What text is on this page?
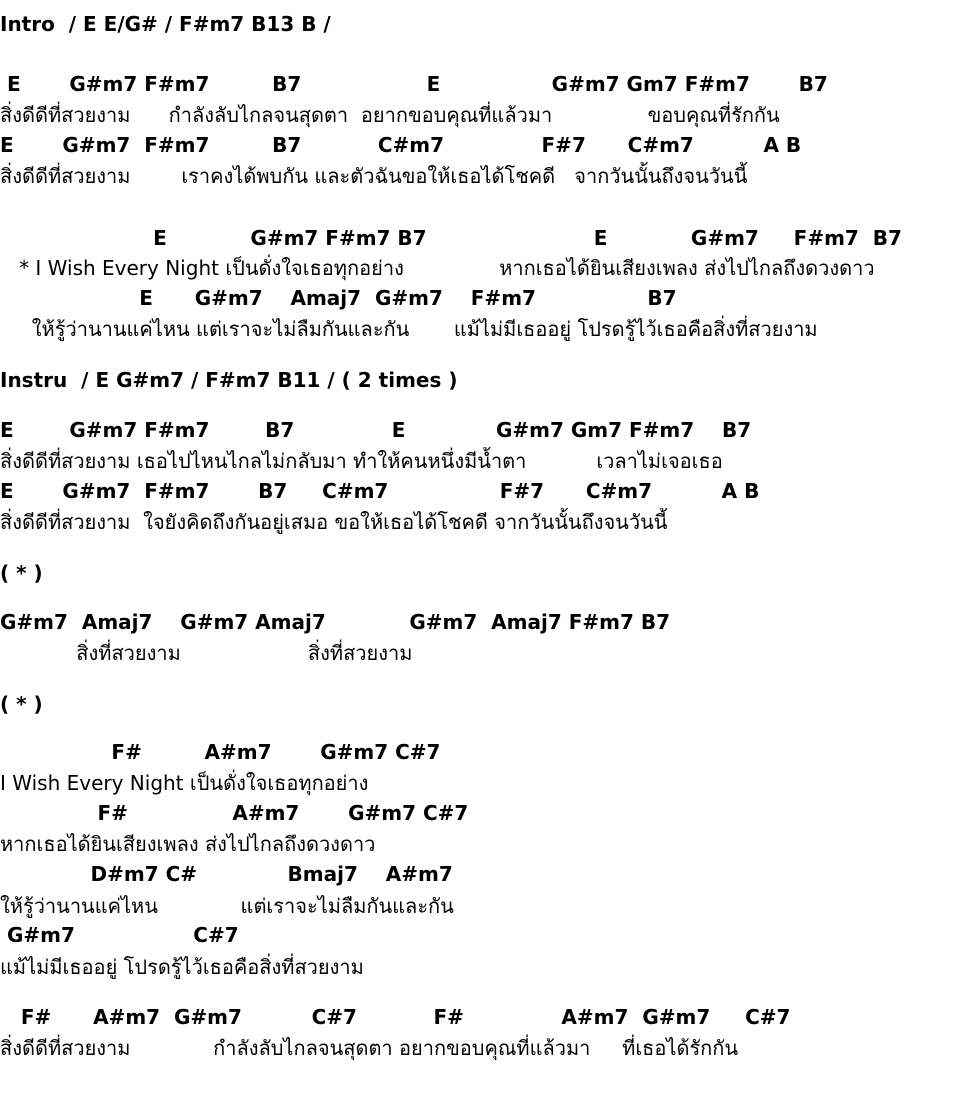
Intro  / E E/G# / F#m7 B13 B /
E       G#m7 F#m7         B7                  E                G#m7 Gm7 F#m7       B7
สิ่งดีดีที่สวยงาม      กำลังลับไกลจนสุดตา  อยากขอบคุณที่แล้วมา               ขอบคุณที่รักกัน
E       G#m7  F#m7         B7           C#m7              F#7      C#m7          A B
สิ่งดีดีที่สวยงาม        เราคงได้พบกัน และตัวฉันขอให้เธอได้โชคดี   จากวันนั้นถึงจนวันนี้
E            G#m7 F#m7 B7                        E            G#m7     F#m7  B7
* I Wish Every Night เป็นดั่งใจเธอทุกอย่าง               หากเธอได้ยินเสียงเพลง ส่งไปไกลถึงดวงดาว
E      G#m7    Amaj7  G#m7    F#m7                B7
ให้รู้ว่านานแค่ไหน แต่เราจะไม่ลืมกันและกัน       แม้ไม่มีเธออยู่ โปรดรู้ไว้เธอคือสิ่งที่สวยงาม
Instru  / E G#m7 / F#m7 B11 / ( 2 times )
E        G#m7 F#m7        B7              E             G#m7 Gm7 F#m7    B7
สิ่งดีดีที่สวยงาม เธอไปไหนไกลไม่กลับมา ทำให้คนหนึ่งมีน้ำตา           เวลาไม่เจอเธอ
E       G#m7  F#m7       B7     C#m7                F#7      C#m7          A B
สิ่งดีดีที่สวยงาม  ใจยังคิดถึงกันอยู่เสมอ ขอให้เธอได้โชคดี จากวันนั้นถึงจนวันนี้
( * )
G#m7  Amaj7    G#m7 Amaj7            G#m7  Amaj7 F#m7 B7
สิ่งที่สวยงาม                    สิ่งที่สวยงาม
( * )
F#         A#m7       G#m7 C#7
I Wish Every Night เป็นดั่งใจเธอทุกอย่าง
F#               A#m7       G#m7 C#7
หากเธอได้ยินเสียงเพลง ส่งไปไกลถึงดวงดาว
D#m7 C#             Bmaj7    A#m7
ให้รู้ว่านานแค่ไหน             แต่เราจะไม่ลืมกันและกัน
G#m7                 C#7
แม้ไม่มีเธออยู่ โปรดรู้ไว้เธอคือสิ่งที่สวยงาม
F#      A#m7  G#m7          C#7           F#              A#m7  G#m7     C#7
สิ่งดีดีที่สวยงาม             กำลังลับไกลจนสุดตา อยากขอบคุณที่แล้วมา     ที่เธอได้รักกัน
